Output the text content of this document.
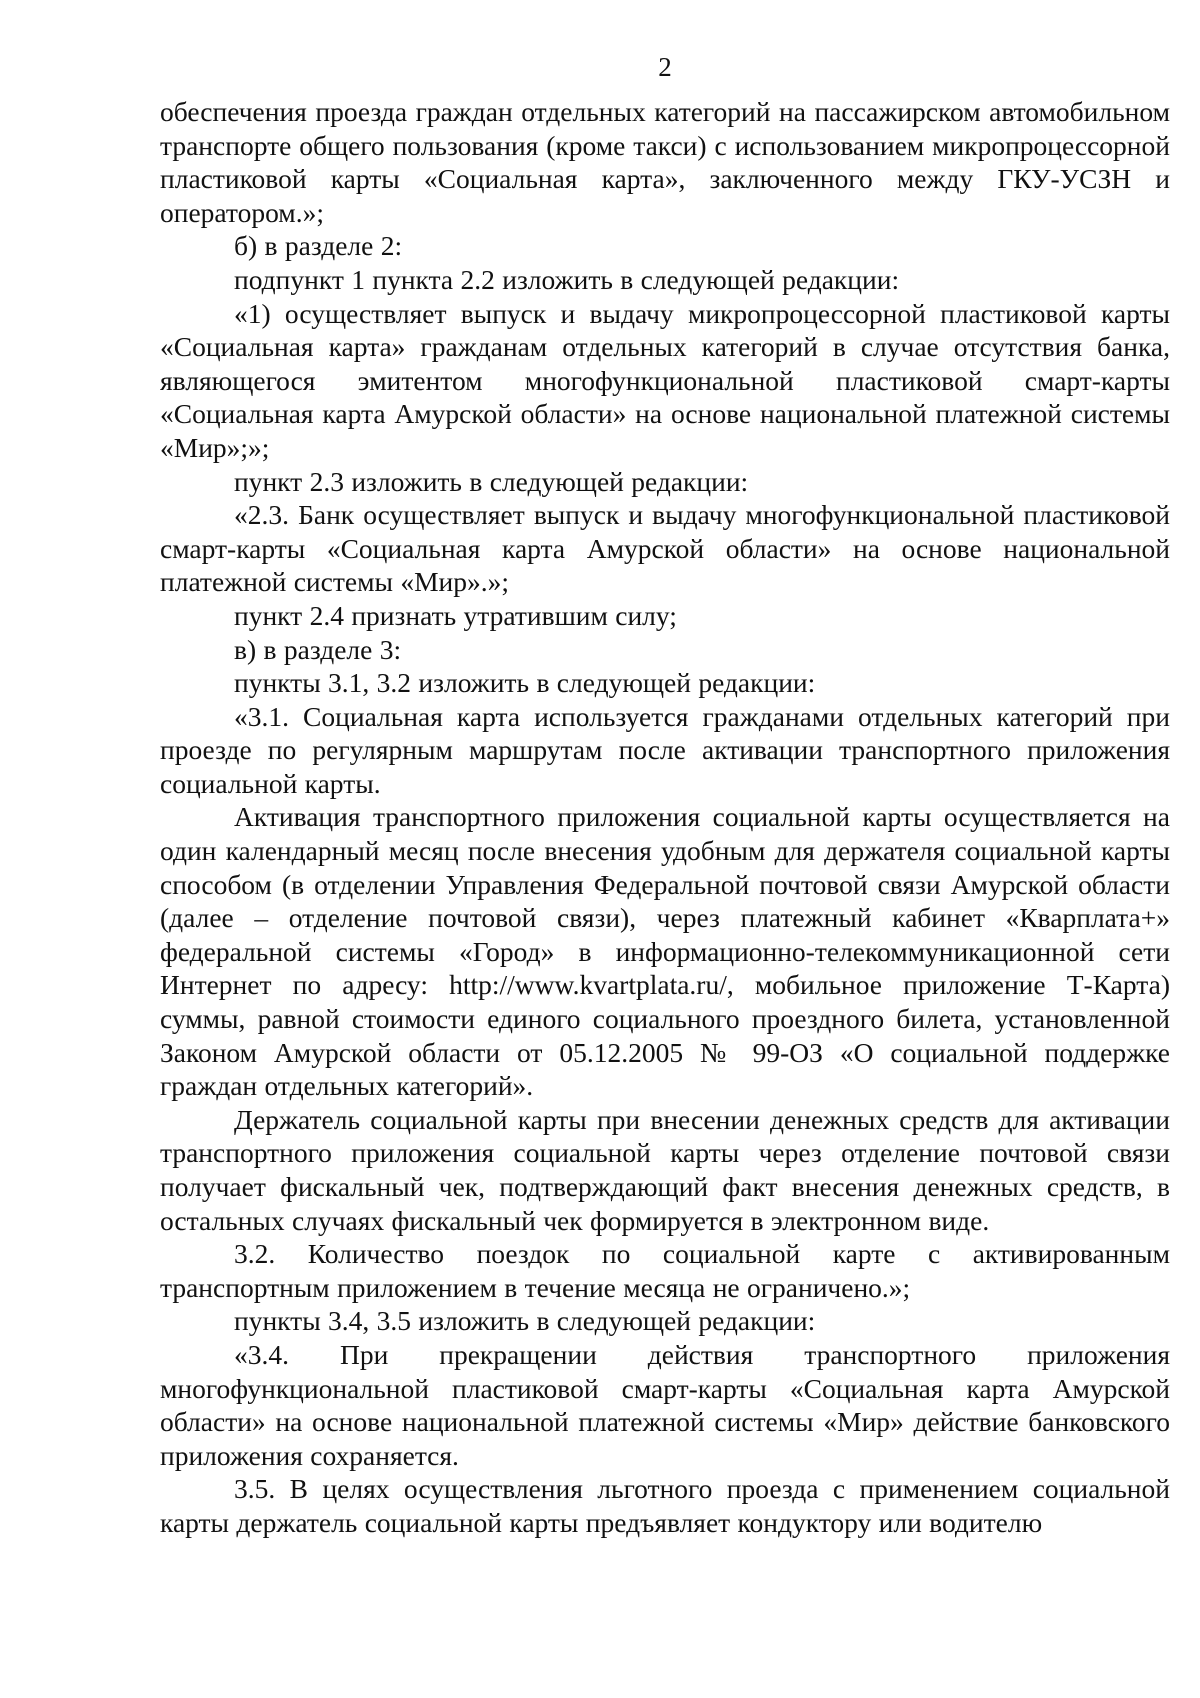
2

обеспечения проезда граждан отдельных категорий на пассажирском автомобильном транспорте общего пользования (кроме такси) с использованием микропроцессорной пластиковой карты «Социальная карта», заключенного между ГКУ-УСЗН и оператором.»;

б) в разделе 2:

подпункт 1 пункта 2.2 изложить в следующей редакции:

«1) осуществляет выпуск и выдачу микропроцессорной пластиковой карты «Социальная карта» гражданам отдельных категорий в случае отсутствия банка, являющегося эмитентом многофункциональной пластиковой смарт-карты «Социальная карта Амурской области» на основе национальной платежной системы «Мир»;»;

пункт 2.3 изложить в следующей редакции:

«2.3. Банк осуществляет выпуск и выдачу многофункциональной пластиковой смарт-карты «Социальная карта Амурской области» на основе национальной платежной системы «Мир».»;

пункт 2.4 признать утратившим силу;

в) в разделе 3:

пункты 3.1, 3.2 изложить в следующей редакции:

«3.1. Социальная карта используется гражданами отдельных категорий при проезде по регулярным маршрутам после активации транспортного приложения социальной карты.

Активация транспортного приложения социальной карты осуществляется на один календарный месяц после внесения удобным для держателя социальной карты способом (в отделении Управления Федеральной почтовой связи Амурской области (далее – отделение почтовой связи), через платежный кабинет «Кварплата+» федеральной системы «Город» в информационно-телекоммуникационной сети Интернет по адресу: http://www.kvartplata.ru/, мобильное приложение Т-Карта) суммы, равной стоимости единого социального проездного билета, установленной Законом Амурской области от 05.12.2005 № 99-ОЗ «О социальной поддержке граждан отдельных категорий».

Держатель социальной карты при внесении денежных средств для активации транспортного приложения социальной карты через отделение почтовой связи получает фискальный чек, подтверждающий факт внесения денежных средств, в остальных случаях фискальный чек формируется в электронном виде.

3.2. Количество поездок по социальной карте с активированным транспортным приложением в течение месяца не ограничено.»;

пункты 3.4, 3.5 изложить в следующей редакции:

«3.4. При прекращении действия транспортного приложения многофункциональной пластиковой смарт-карты «Социальная карта Амурской области» на основе национальной платежной системы «Мир» действие банковского приложения сохраняется.

3.5. В целях осуществления льготного проезда с применением социальной карты держатель социальной карты предъявляет кондуктору или водителю
